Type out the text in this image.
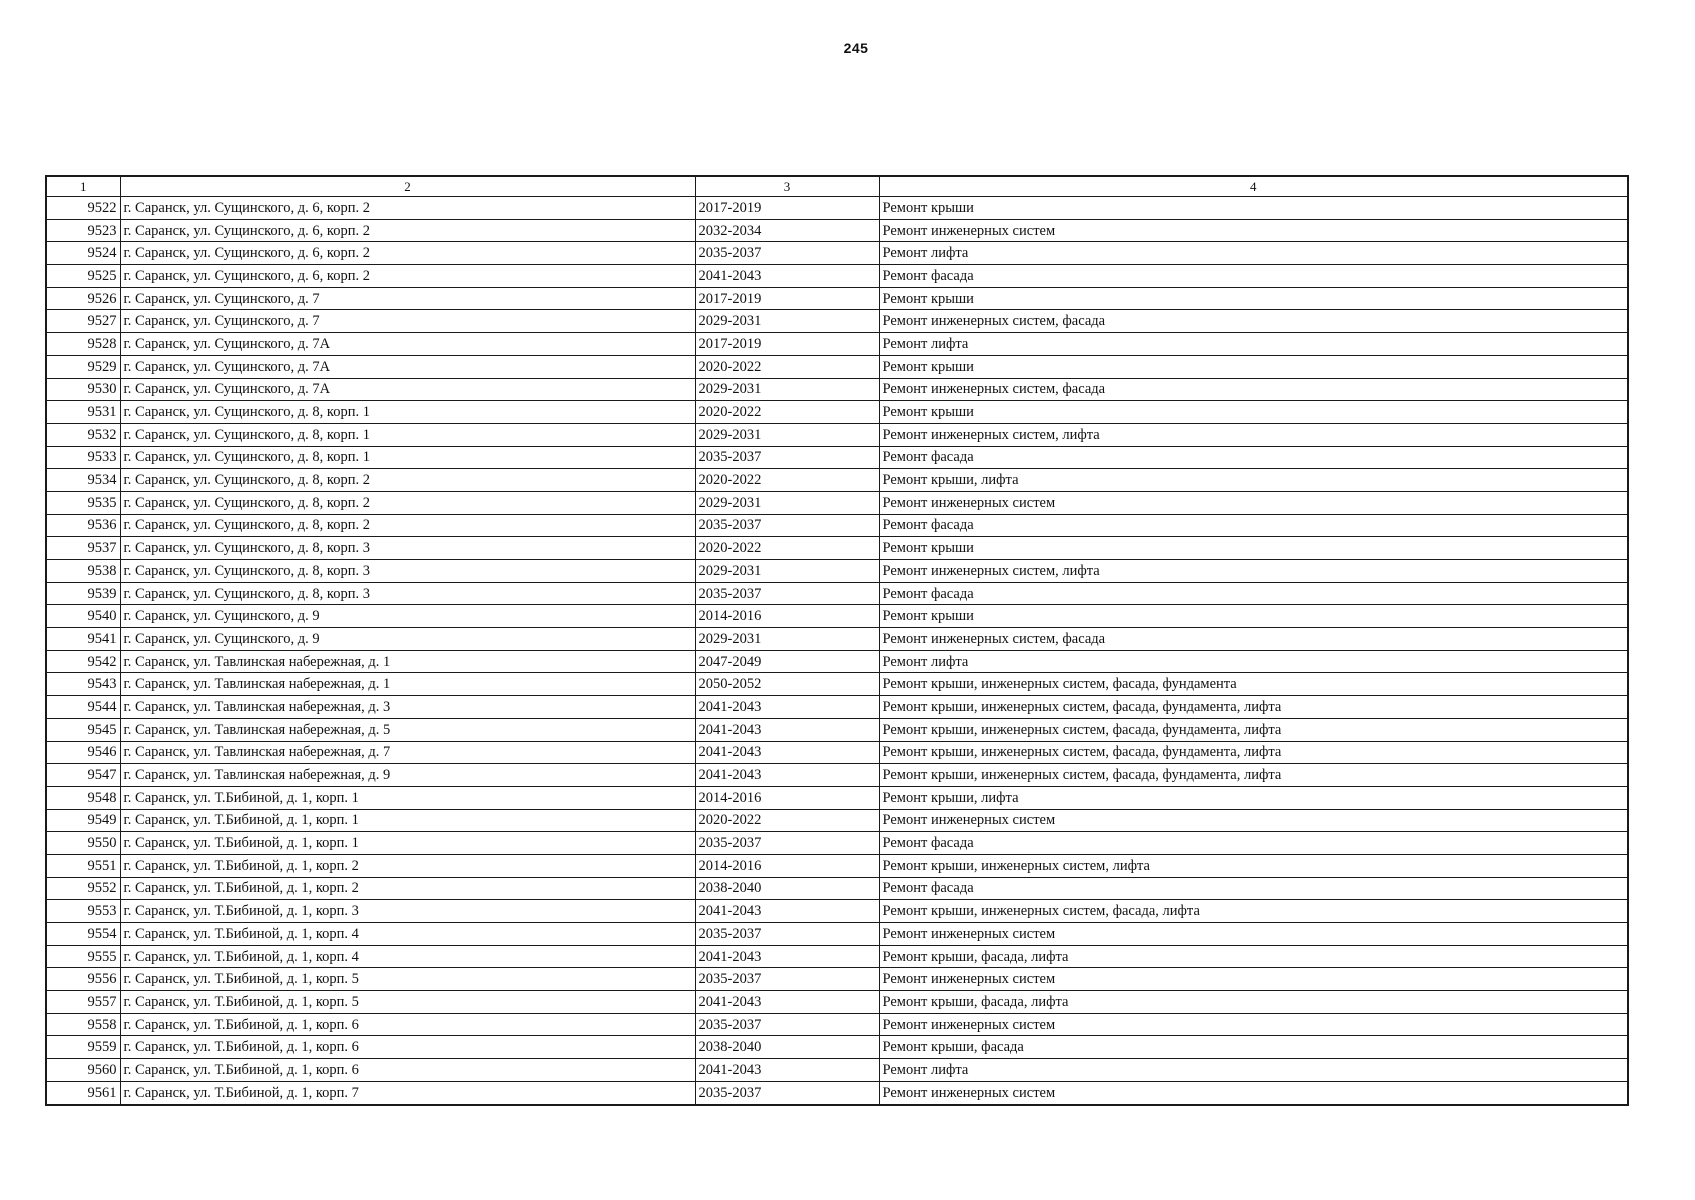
245
1	2	3	4
9522	г. Саранск, ул. Сущинского, д. 6, корп. 2	2017-2019	Ремонт крыши
9523	г. Саранск, ул. Сущинского, д. 6, корп. 2	2032-2034	Ремонт инженерных систем
9524	г. Саранск, ул. Сущинского, д. 6, корп. 2	2035-2037	Ремонт лифта
9525	г. Саранск, ул. Сущинского, д. 6, корп. 2	2041-2043	Ремонт фасада
9526	г. Саранск, ул. Сущинского, д. 7	2017-2019	Ремонт крыши
9527	г. Саранск, ул. Сущинского, д. 7	2029-2031	Ремонт инженерных систем, фасада
9528	г. Саранск, ул. Сущинского, д. 7А	2017-2019	Ремонт лифта
9529	г. Саранск, ул. Сущинского, д. 7А	2020-2022	Ремонт крыши
9530	г. Саранск, ул. Сущинского, д. 7А	2029-2031	Ремонт инженерных систем, фасада
9531	г. Саранск, ул. Сущинского, д. 8, корп. 1	2020-2022	Ремонт крыши
9532	г. Саранск, ул. Сущинского, д. 8, корп. 1	2029-2031	Ремонт инженерных систем, лифта
9533	г. Саранск, ул. Сущинского, д. 8, корп. 1	2035-2037	Ремонт фасада
9534	г. Саранск, ул. Сущинского, д. 8, корп. 2	2020-2022	Ремонт крыши, лифта
9535	г. Саранск, ул. Сущинского, д. 8, корп. 2	2029-2031	Ремонт инженерных систем
9536	г. Саранск, ул. Сущинского, д. 8, корп. 2	2035-2037	Ремонт фасада
9537	г. Саранск, ул. Сущинского, д. 8, корп. 3	2020-2022	Ремонт крыши
9538	г. Саранск, ул. Сущинского, д. 8, корп. 3	2029-2031	Ремонт инженерных систем, лифта
9539	г. Саранск, ул. Сущинского, д. 8, корп. 3	2035-2037	Ремонт фасада
9540	г. Саранск, ул. Сущинского, д. 9	2014-2016	Ремонт крыши
9541	г. Саранск, ул. Сущинского, д. 9	2029-2031	Ремонт инженерных систем, фасада
9542	г. Саранск, ул. Тавлинская набережная, д. 1	2047-2049	Ремонт лифта
9543	г. Саранск, ул. Тавлинская набережная, д. 1	2050-2052	Ремонт крыши, инженерных систем, фасада, фундамента
9544	г. Саранск, ул. Тавлинская набережная, д. 3	2041-2043	Ремонт крыши, инженерных систем, фасада, фундамента, лифта
9545	г. Саранск, ул. Тавлинская набережная, д. 5	2041-2043	Ремонт крыши, инженерных систем, фасада, фундамента, лифта
9546	г. Саранск, ул. Тавлинская набережная, д. 7	2041-2043	Ремонт крыши, инженерных систем, фасада, фундамента, лифта
9547	г. Саранск, ул. Тавлинская набережная, д. 9	2041-2043	Ремонт крыши, инженерных систем, фасада, фундамента, лифта
9548	г. Саранск, ул. Т.Бибиной, д. 1, корп. 1	2014-2016	Ремонт крыши, лифта
9549	г. Саранск, ул. Т.Бибиной, д. 1, корп. 1	2020-2022	Ремонт инженерных систем
9550	г. Саранск, ул. Т.Бибиной, д. 1, корп. 1	2035-2037	Ремонт фасада
9551	г. Саранск, ул. Т.Бибиной, д. 1, корп. 2	2014-2016	Ремонт крыши, инженерных систем, лифта
9552	г. Саранск, ул. Т.Бибиной, д. 1, корп. 2	2038-2040	Ремонт фасада
9553	г. Саранск, ул. Т.Бибиной, д. 1, корп. 3	2041-2043	Ремонт крыши, инженерных систем, фасада, лифта
9554	г. Саранск, ул. Т.Бибиной, д. 1, корп. 4	2035-2037	Ремонт инженерных систем
9555	г. Саранск, ул. Т.Бибиной, д. 1, корп. 4	2041-2043	Ремонт крыши, фасада, лифта
9556	г. Саранск, ул. Т.Бибиной, д. 1, корп. 5	2035-2037	Ремонт инженерных систем
9557	г. Саранск, ул. Т.Бибиной, д. 1, корп. 5	2041-2043	Ремонт крыши, фасада, лифта
9558	г. Саранск, ул. Т.Бибиной, д. 1, корп. 6	2035-2037	Ремонт инженерных систем
9559	г. Саранск, ул. Т.Бибиной, д. 1, корп. 6	2038-2040	Ремонт крыши, фасада
9560	г. Саранск, ул. Т.Бибиной, д. 1, корп. 6	2041-2043	Ремонт лифта
9561	г. Саранск, ул. Т.Бибиной, д. 1, корп. 7	2035-2037	Ремонт инженерных систем
